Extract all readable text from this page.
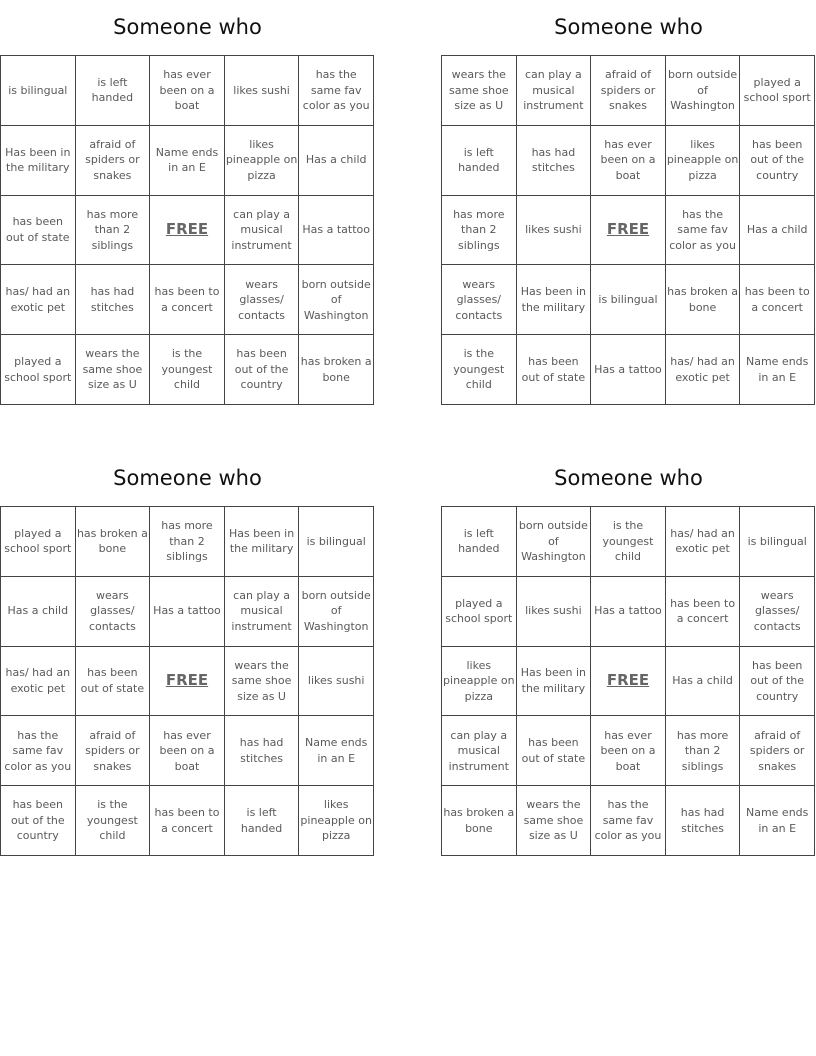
Someone who
is bilingual	is left handed	has ever been on a boat	likes sushi	has the same fav color as you
Has been in the military	afraid of spiders or snakes	Name ends in an E	likes pineapple on pizza	Has a child
has been out of state	has more than 2 siblings	FREE	can play a musical instrument	Has a tattoo
has/ had an exotic pet	has had stitches	has been to a concert	wears glasses/ contacts	born outside of Washington
played a school sport	wears the same shoe size as U	is the youngest child	has been out of the country	has broken a bone
Someone who
wears the same shoe size as U	can play a musical instrument	afraid of spiders or snakes	born outside of Washington	played a school sport
is left handed	has had stitches	has ever been on a boat	likes pineapple on pizza	has been out of the country
has more than 2 siblings	likes sushi	FREE	has the same fav color as you	Has a child
wears glasses/ contacts	Has been in the military	is bilingual	has broken a bone	has been to a concert
is the youngest child	has been out of state	Has a tattoo	has/ had an exotic pet	Name ends in an E
Someone who
played a school sport	has broken a bone	has more than 2 siblings	Has been in the military	is bilingual
Has a child	wears glasses/ contacts	Has a tattoo	can play a musical instrument	born outside of Washington
has/ had an exotic pet	has been out of state	FREE	wears the same shoe size as U	likes sushi
has the same fav color as you	afraid of spiders or snakes	has ever been on a boat	has had stitches	Name ends in an E
has been out of the country	is the youngest child	has been to a concert	is left handed	likes pineapple on pizza
Someone who
is left handed	born outside of Washington	is the youngest child	has/ had an exotic pet	is bilingual
played a school sport	likes sushi	Has a tattoo	has been to a concert	wears glasses/ contacts
likes pineapple on pizza	Has been in the military	FREE	Has a child	has been out of the country
can play a musical instrument	has been out of state	has ever been on a boat	has more than 2 siblings	afraid of spiders or snakes
has broken a bone	wears the same shoe size as U	has the same fav color as you	has had stitches	Name ends in an E
